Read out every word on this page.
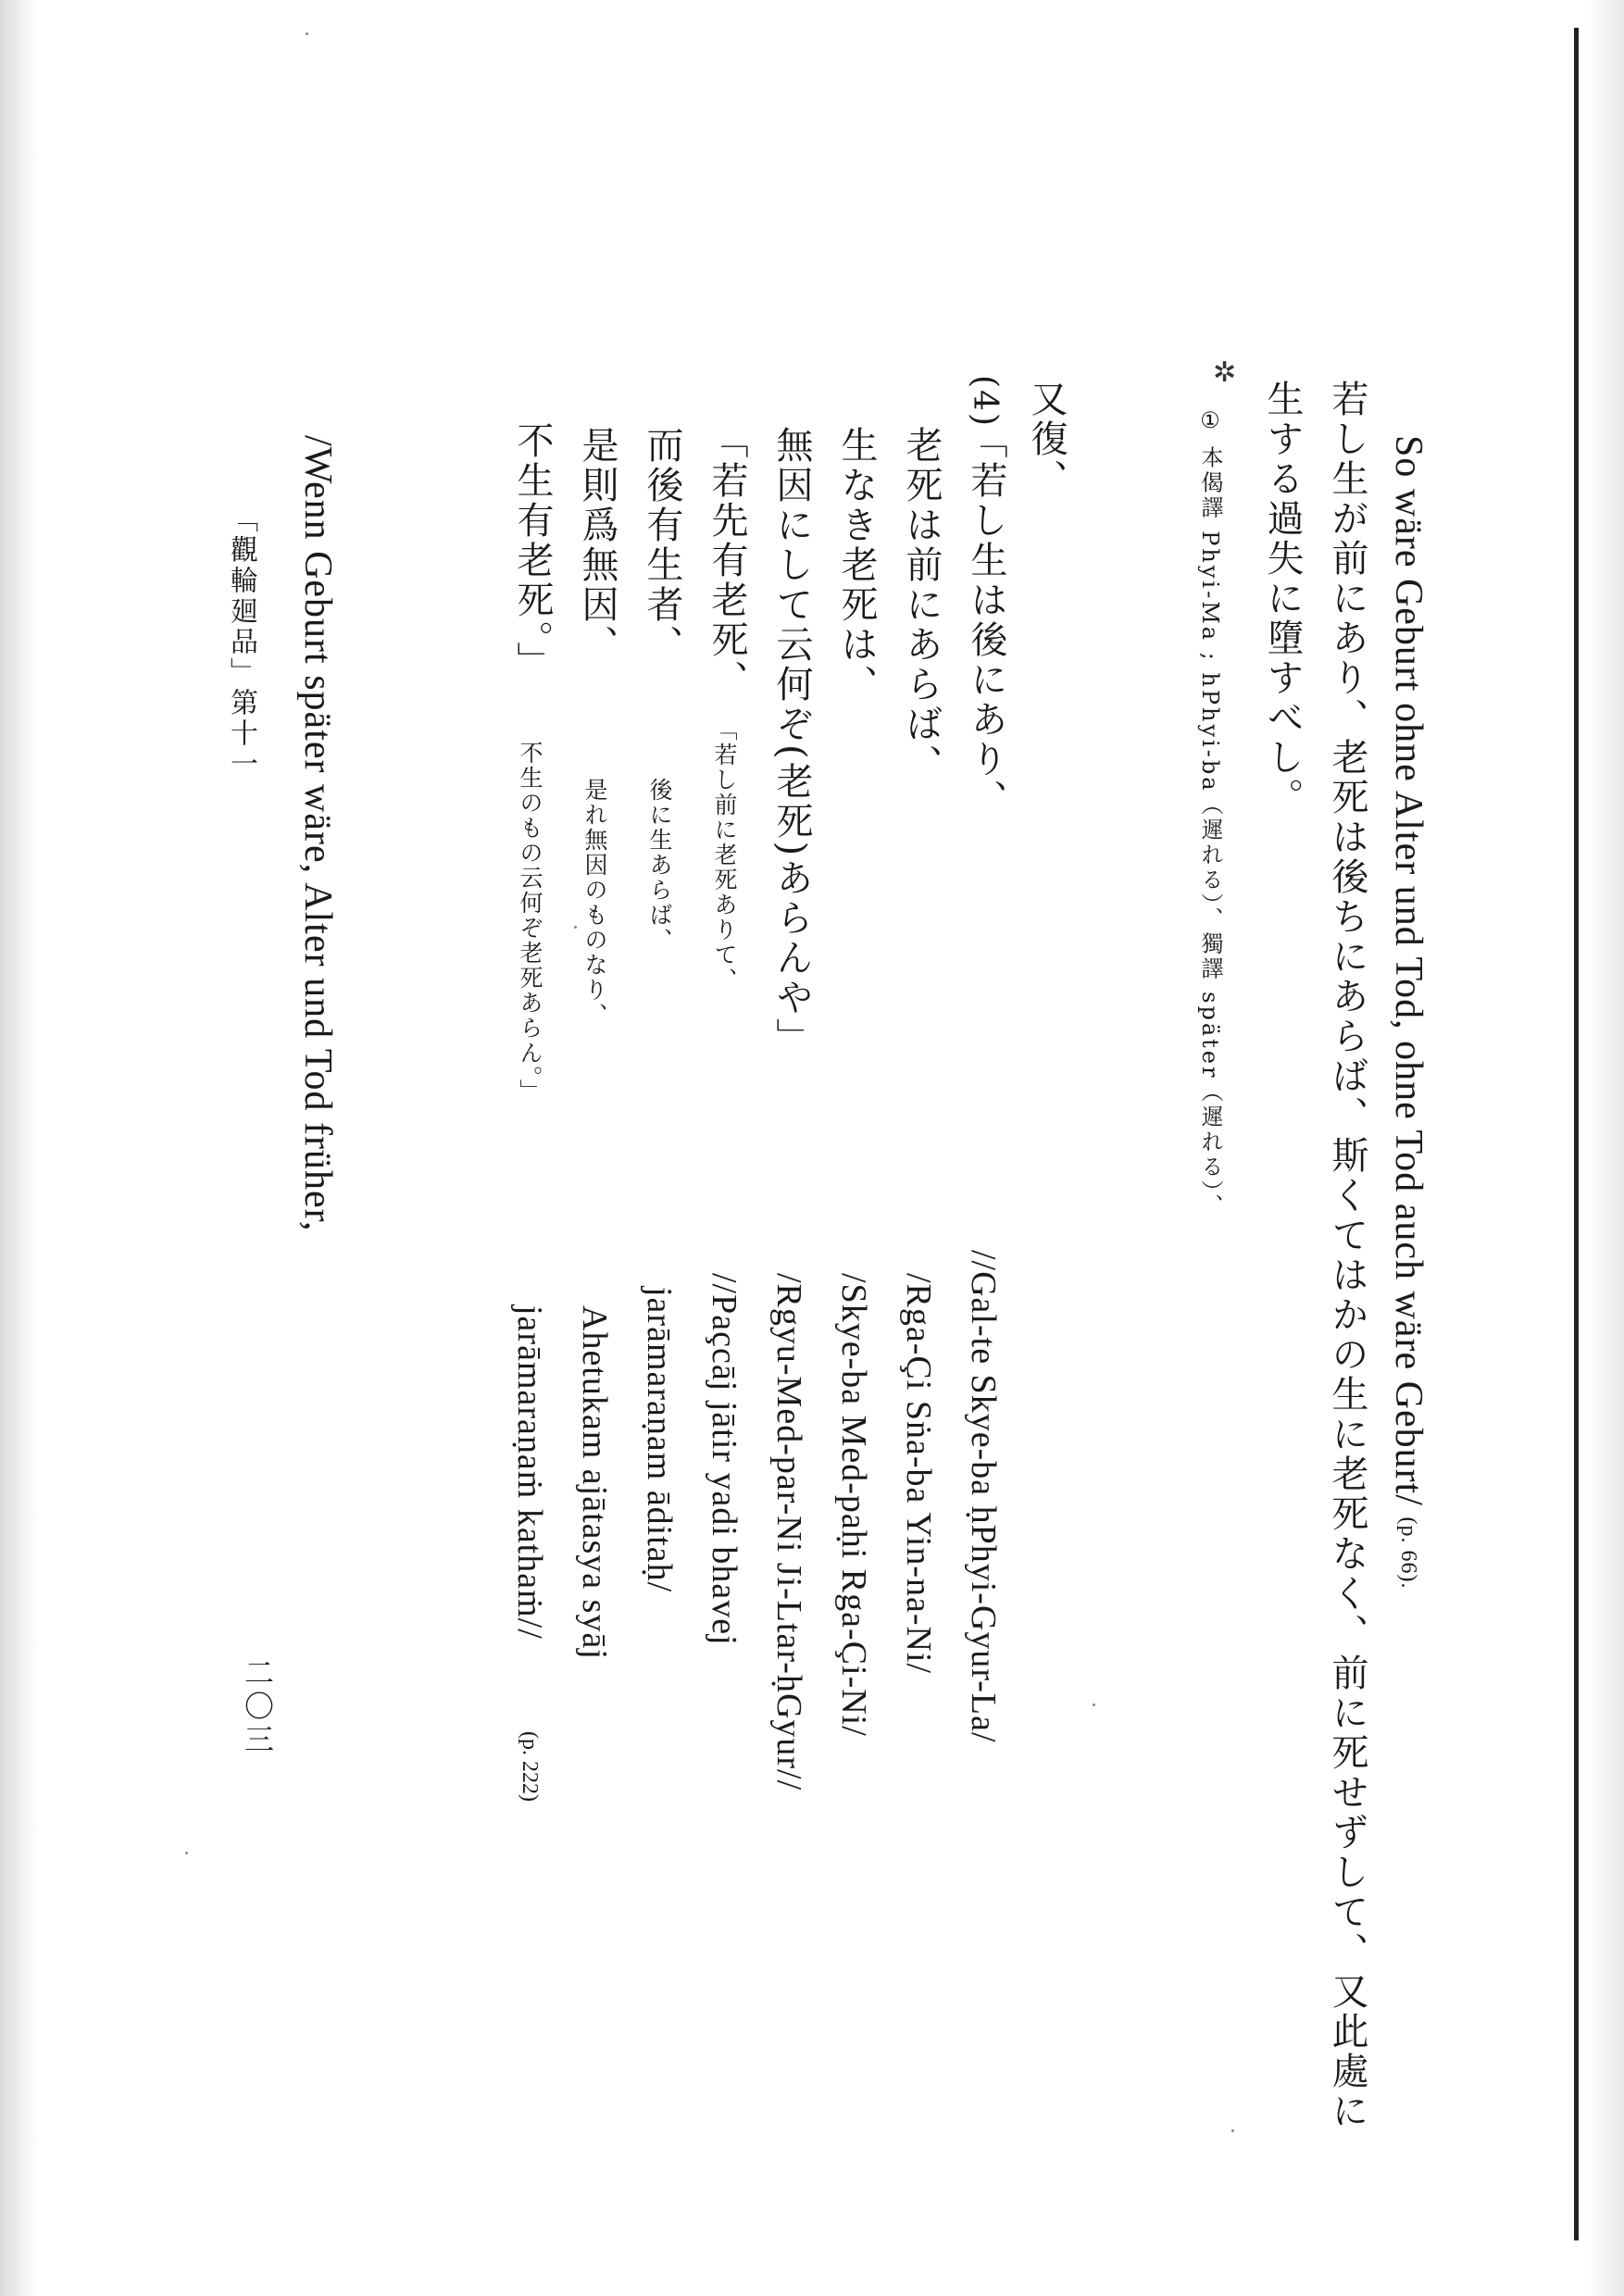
So wäre Geburt ohne Alter und Tod, ohne Tod auch wäre Geburt/ (p. 66).
若し生が前にあり、老死は後ちにあらば、斯くてはかの生に老死なく、前に死せずして、又此處に
生する過失に墮すべし。
✲
① 本偈譯 Phyi-Ma ; hPhyi-ba（遲れる）、獨譯 später（遲れる）、
又復、
(4)
「若し生は後にあり、
老死は前にあらば、
生なき老死は、
無因にして云何ぞ(老死)あらんや」
//Gal-te Skye-ba ḥPhyi-Gyur-La/
/Rga-Çi Sṅa-ba Yin-na-Ni/
/Skye-ba Med-paḥi Rga-Çi-Ni/
/Rgyu-Med-par-Ni Ji-Ltar-ḥGyur//
「若先有老死、
而後有生者、
是則爲無因、
不生有老死。」
「若し前に老死ありて、
後に生あらば、
是れ無因のものなり、
不生のもの云何ぞ老死あらん。」
//Paçcāj jātir yadi bhavej
jarāmaraṇam āditaḥ/
Ahetukam ajātasya syāj
jarāmaraṇaṁ kathaṁ//
(p. 222)
/Wenn Geburt später wäre, Alter und Tod früher,
「觀輪廻品」第十一
二〇三
